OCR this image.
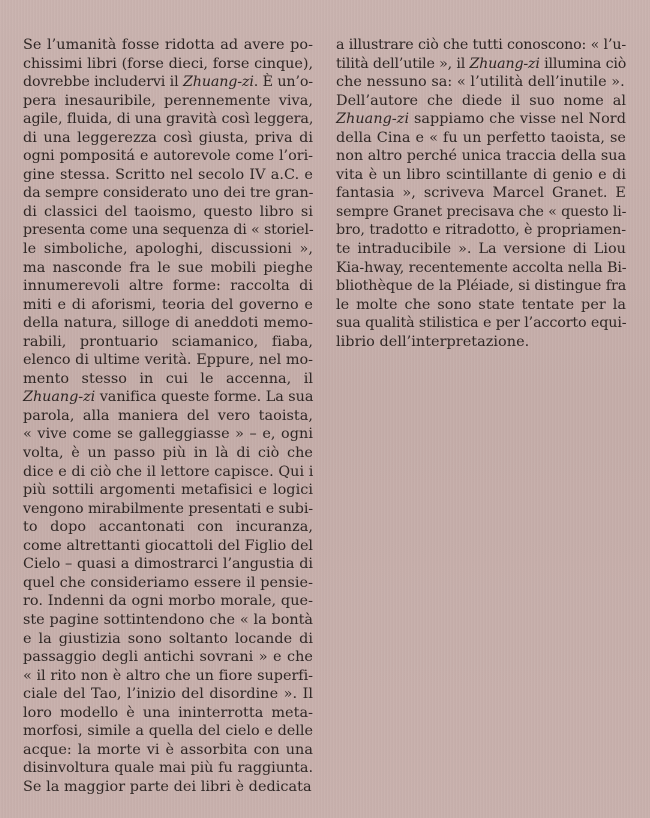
Se l’umanità fosse ridotta ad avere po-
chissimi libri (forse dieci, forse cinque),
dovrebbe includervi il Zhuang-zi. È un’o-
pera inesauribile, perennemente viva,
agile, fluida, di una gravità così leggera,
di una leggerezza così giusta, priva di
ogni pompositá e autorevole come l’ori-
gine stessa. Scritto nel secolo IV a.C. e
da sempre considerato uno dei tre gran-
di classici del taoismo, questo libro si
presenta come una sequenza di « storiel-
le simboliche, apologhi, discussioni »,
ma nasconde fra le sue mobili pieghe
innumerevoli altre forme: raccolta di
miti e di aforismi, teoria del governo e
della natura, silloge di aneddoti memo-
rabili, prontuario sciamanico, fiaba,
elenco di ultime verità. Eppure, nel mo-
mento stesso in cui le accenna, il
Zhuang-zi vanifica queste forme. La sua
parola, alla maniera del vero taoista,
« vive come se galleggiasse » – e, ogni
volta, è un passo più in là di ciò che
dice e di ciò che il lettore capisce. Qui i
più sottili argomenti metafisici e logici
vengono mirabilmente presentati e subi-
to dopo accantonati con incuranza,
come altrettanti giocattoli del Figlio del
Cielo – quasi a dimostrarci l’angustia di
quel che consideriamo essere il pensie-
ro. Indenni da ogni morbo morale, que-
ste pagine sottintendono che « la bontà
e la giustizia sono soltanto locande di
passaggio degli antichi sovrani » e che
« il rito non è altro che un fiore superfi-
ciale del Tao, l’inizio del disordine ». Il
loro modello è una ininterrotta meta-
morfosi, simile a quella del cielo e delle
acque: la morte vi è assorbita con una
disinvoltura quale mai più fu raggiunta.
Se la maggior parte dei libri è dedicata
a illustrare ciò che tutti conoscono: « l’u-
tilità dell’utile », il Zhuang-zi illumina ciò
che nessuno sa: « l’utilità dell’inutile ».
Dell’autore che diede il suo nome al
Zhuang-zi sappiamo che visse nel Nord
della Cina e « fu un perfetto taoista, se
non altro perché unica traccia della sua
vita è un libro scintillante di genio e di
fantasia », scriveva Marcel Granet. E
sempre Granet precisava che « questo li-
bro, tradotto e ritradotto, è propriamen-
te intraducibile ». La versione di Liou
Kia-hway, recentemente accolta nella Bi-
bliothèque de la Pléiade, si distingue fra
le molte che sono state tentate per la
sua qualità stilistica e per l’accorto equi-
librio dell’interpretazione.
